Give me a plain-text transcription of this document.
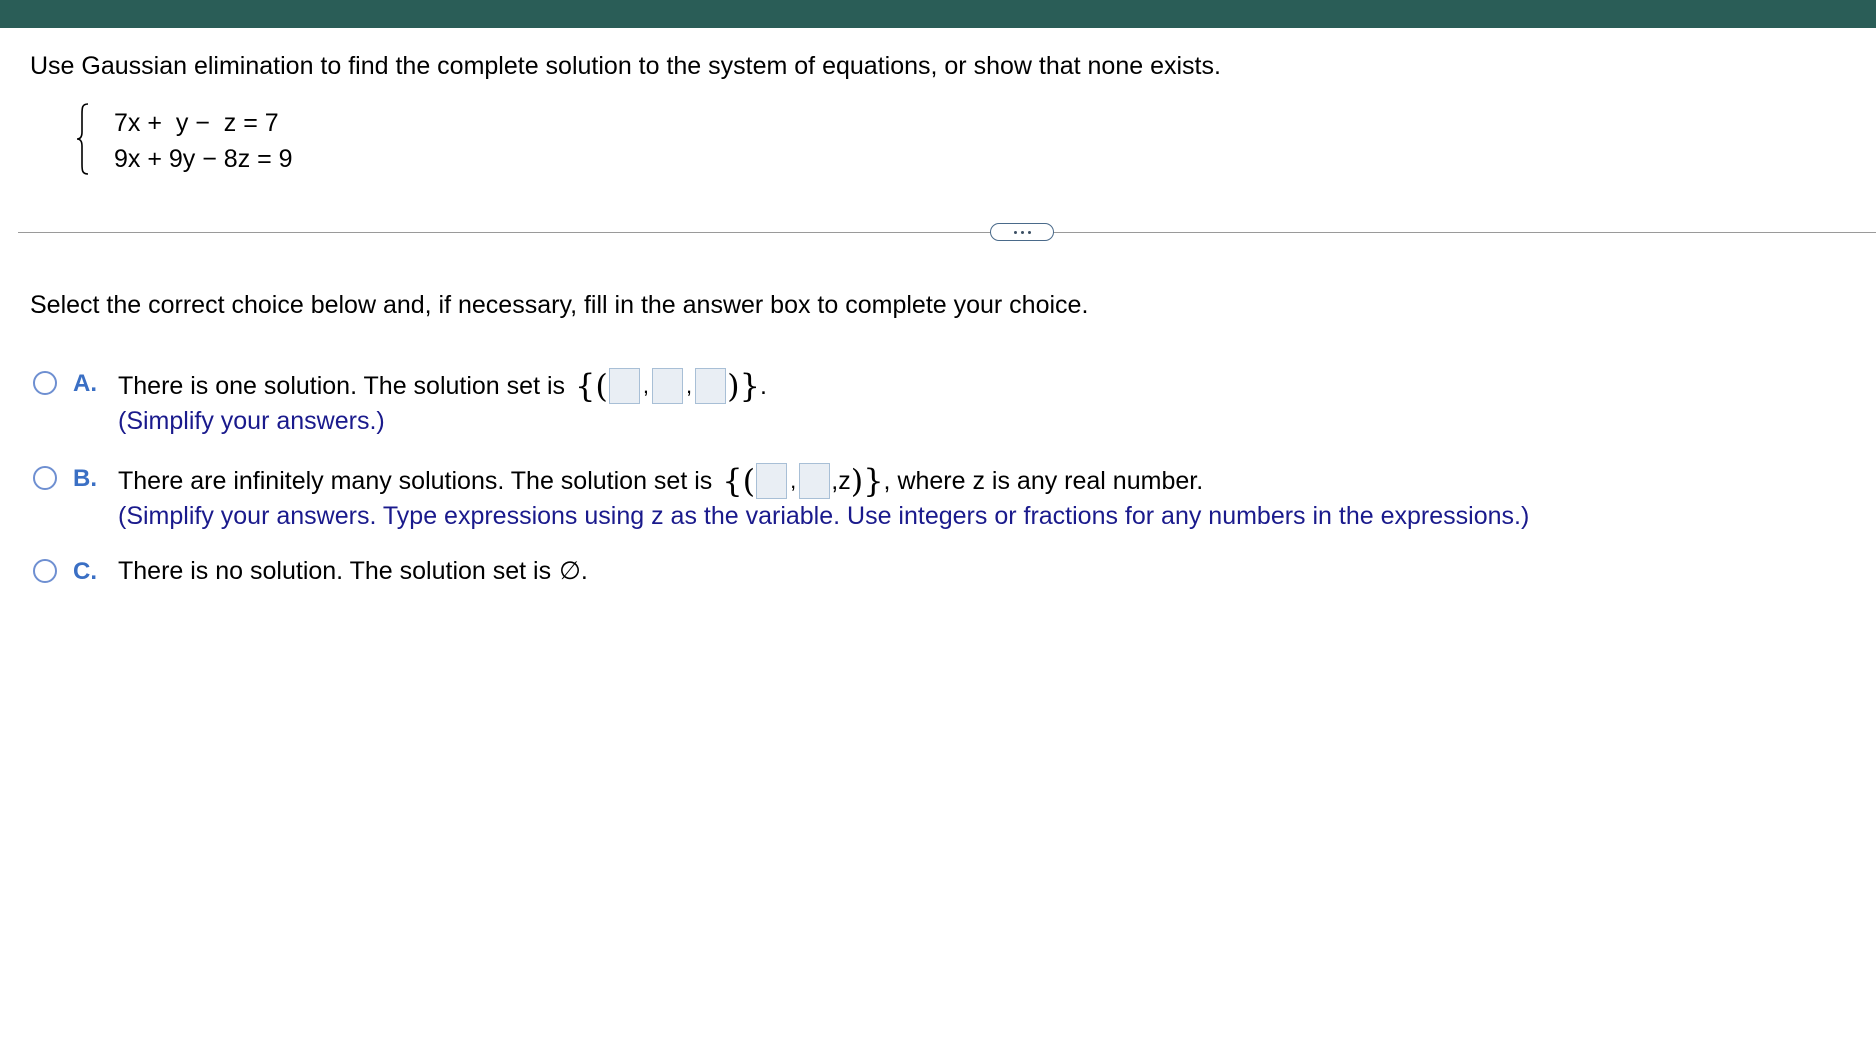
Use Gaussian elimination to find the complete solution to the system of equations, or show that none exists.
7x +  y −  z = 7
9x + 9y − 8z = 9
Select the correct choice below and, if necessary, fill in the answer box to complete your choice.
A. There is one solution. The solution set is {( , , )} .
(Simplify your answers.)
B. There are infinitely many solutions. The solution set is {( , ,z )} , where z is any real number.
(Simplify your answers. Type expressions using z as the variable. Use integers or fractions for any numbers in the expressions.)
C. There is no solution. The solution set is ∅ .
